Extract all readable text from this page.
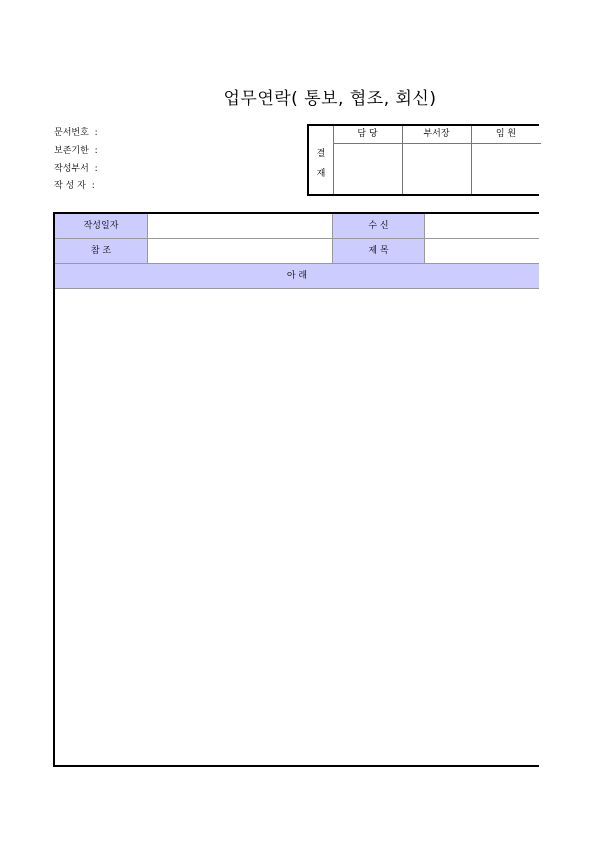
업무연락( 통보, 협조, 회신)
문서번호 :
보존기한 :
작성부서 :
작 성 자 :
결
재
담 당	부서장	임 원
작성일자	수 신
참 조	제 목
아 래
